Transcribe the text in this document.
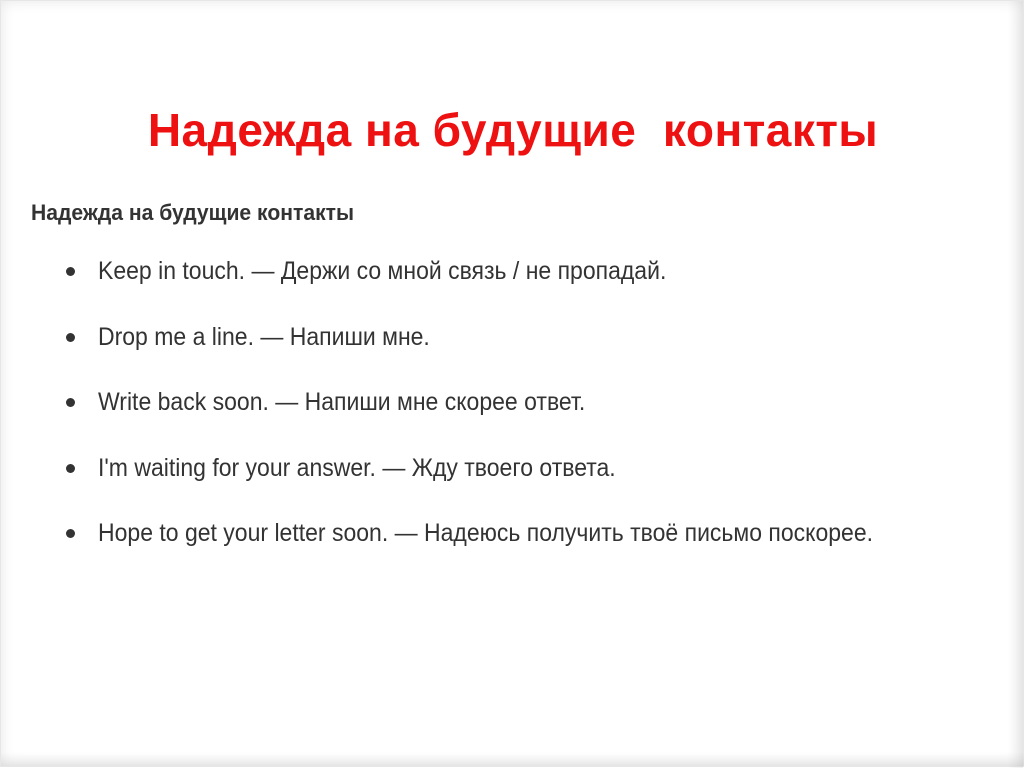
Надежда на будущие  контакты
Надежда на будущие контакты
Keep in touch. — Держи со мной связь / не пропадай.
Drop me a line. — Напиши мне.
Write back soon. — Напиши мне скорее ответ.
I'm waiting for your answer. — Жду твоего ответа.
Hope to get your letter soon. — Надеюсь получить твоё письмо поскорее.
